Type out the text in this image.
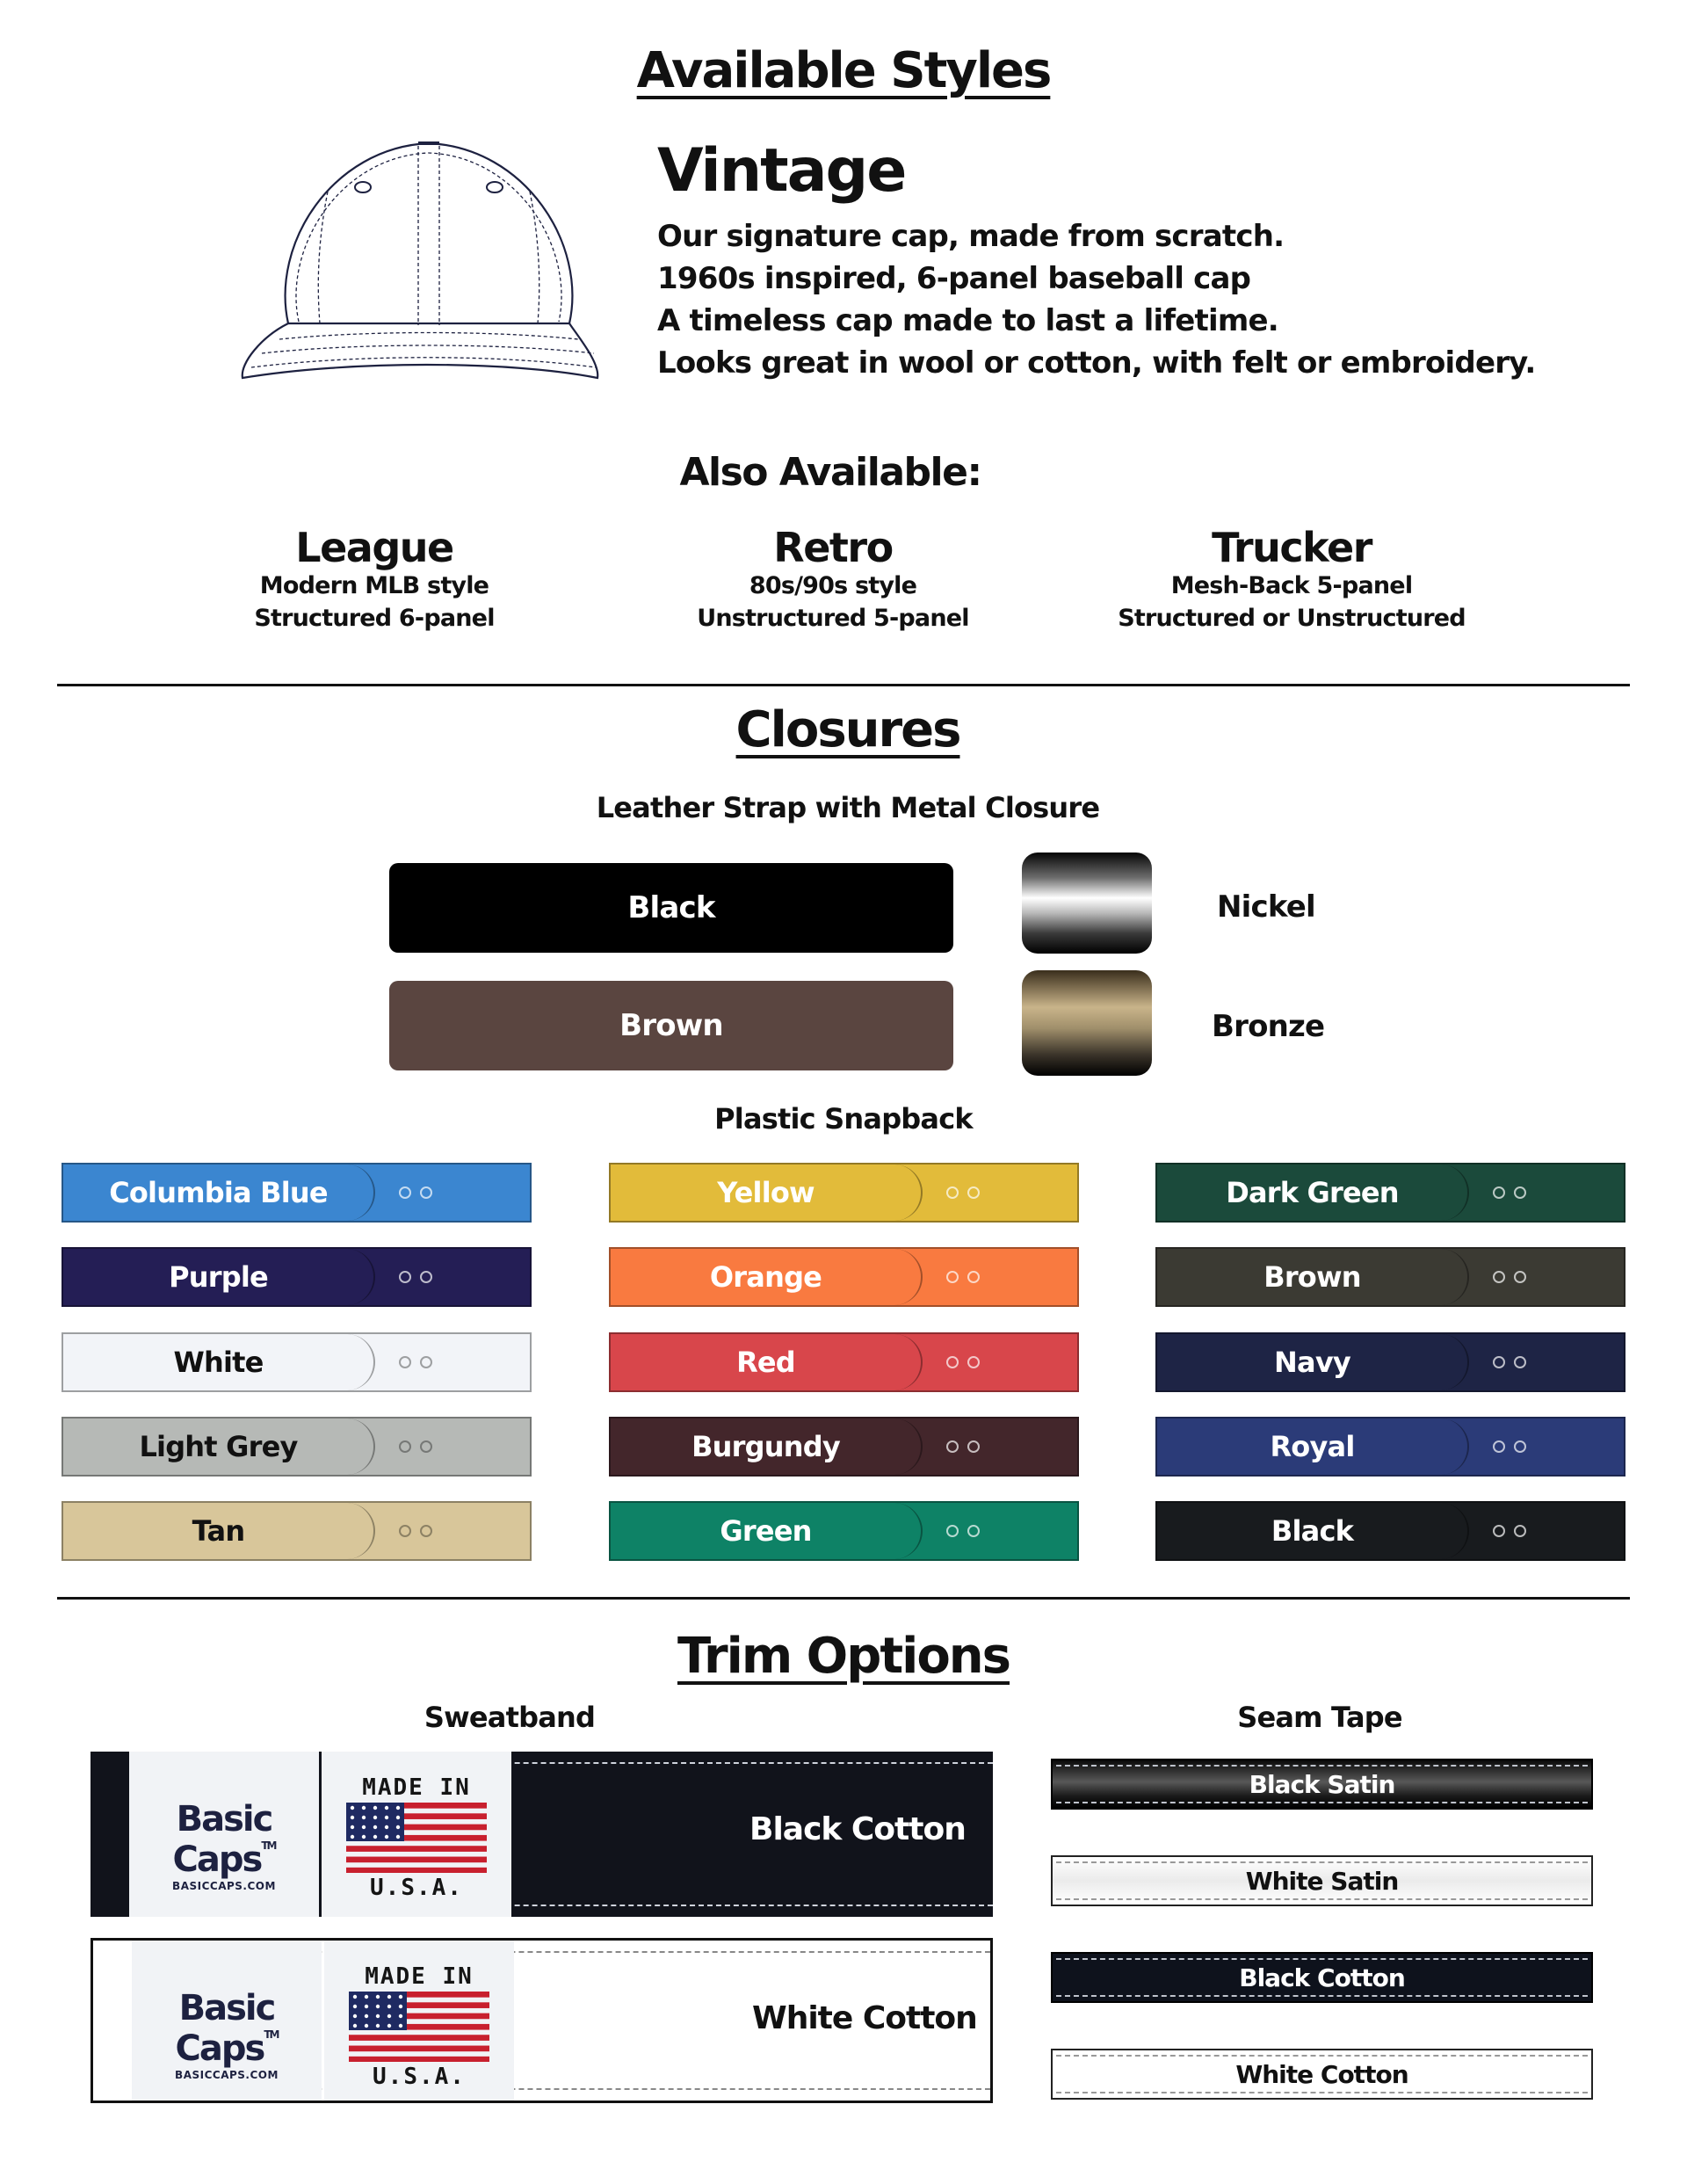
Available Styles
Vintage
Our signature cap, made from scratch.
1960s inspired, 6-panel baseball cap
A timeless cap made to last a lifetime.
Looks great in wool or cotton, with felt or embroidery.
Also Available:
League
Modern MLB style
Structured 6-panel
Retro
80s/90s style
Unstructured 5-panel
Trucker
Mesh-Back 5-panel
Structured or Unstructured
Closures
Leather Strap with Metal Closure
Black
Brown
Nickel
Bronze
Plastic Snapback
Columbia Blue
Purple
White
Light Grey
Tan
Yellow
Orange
Red
Burgundy
Green
Dark Green
Brown
Navy
Royal
Black
Trim Options
Sweatband	Seam Tape
Basic Caps™
BASICCAPS.COM
MADE IN
U.S.A.
Black Cotton
Basic Caps™
BASICCAPS.COM
MADE IN
U.S.A.
White Cotton
Black Satin
White Satin
Black Cotton
White Cotton
